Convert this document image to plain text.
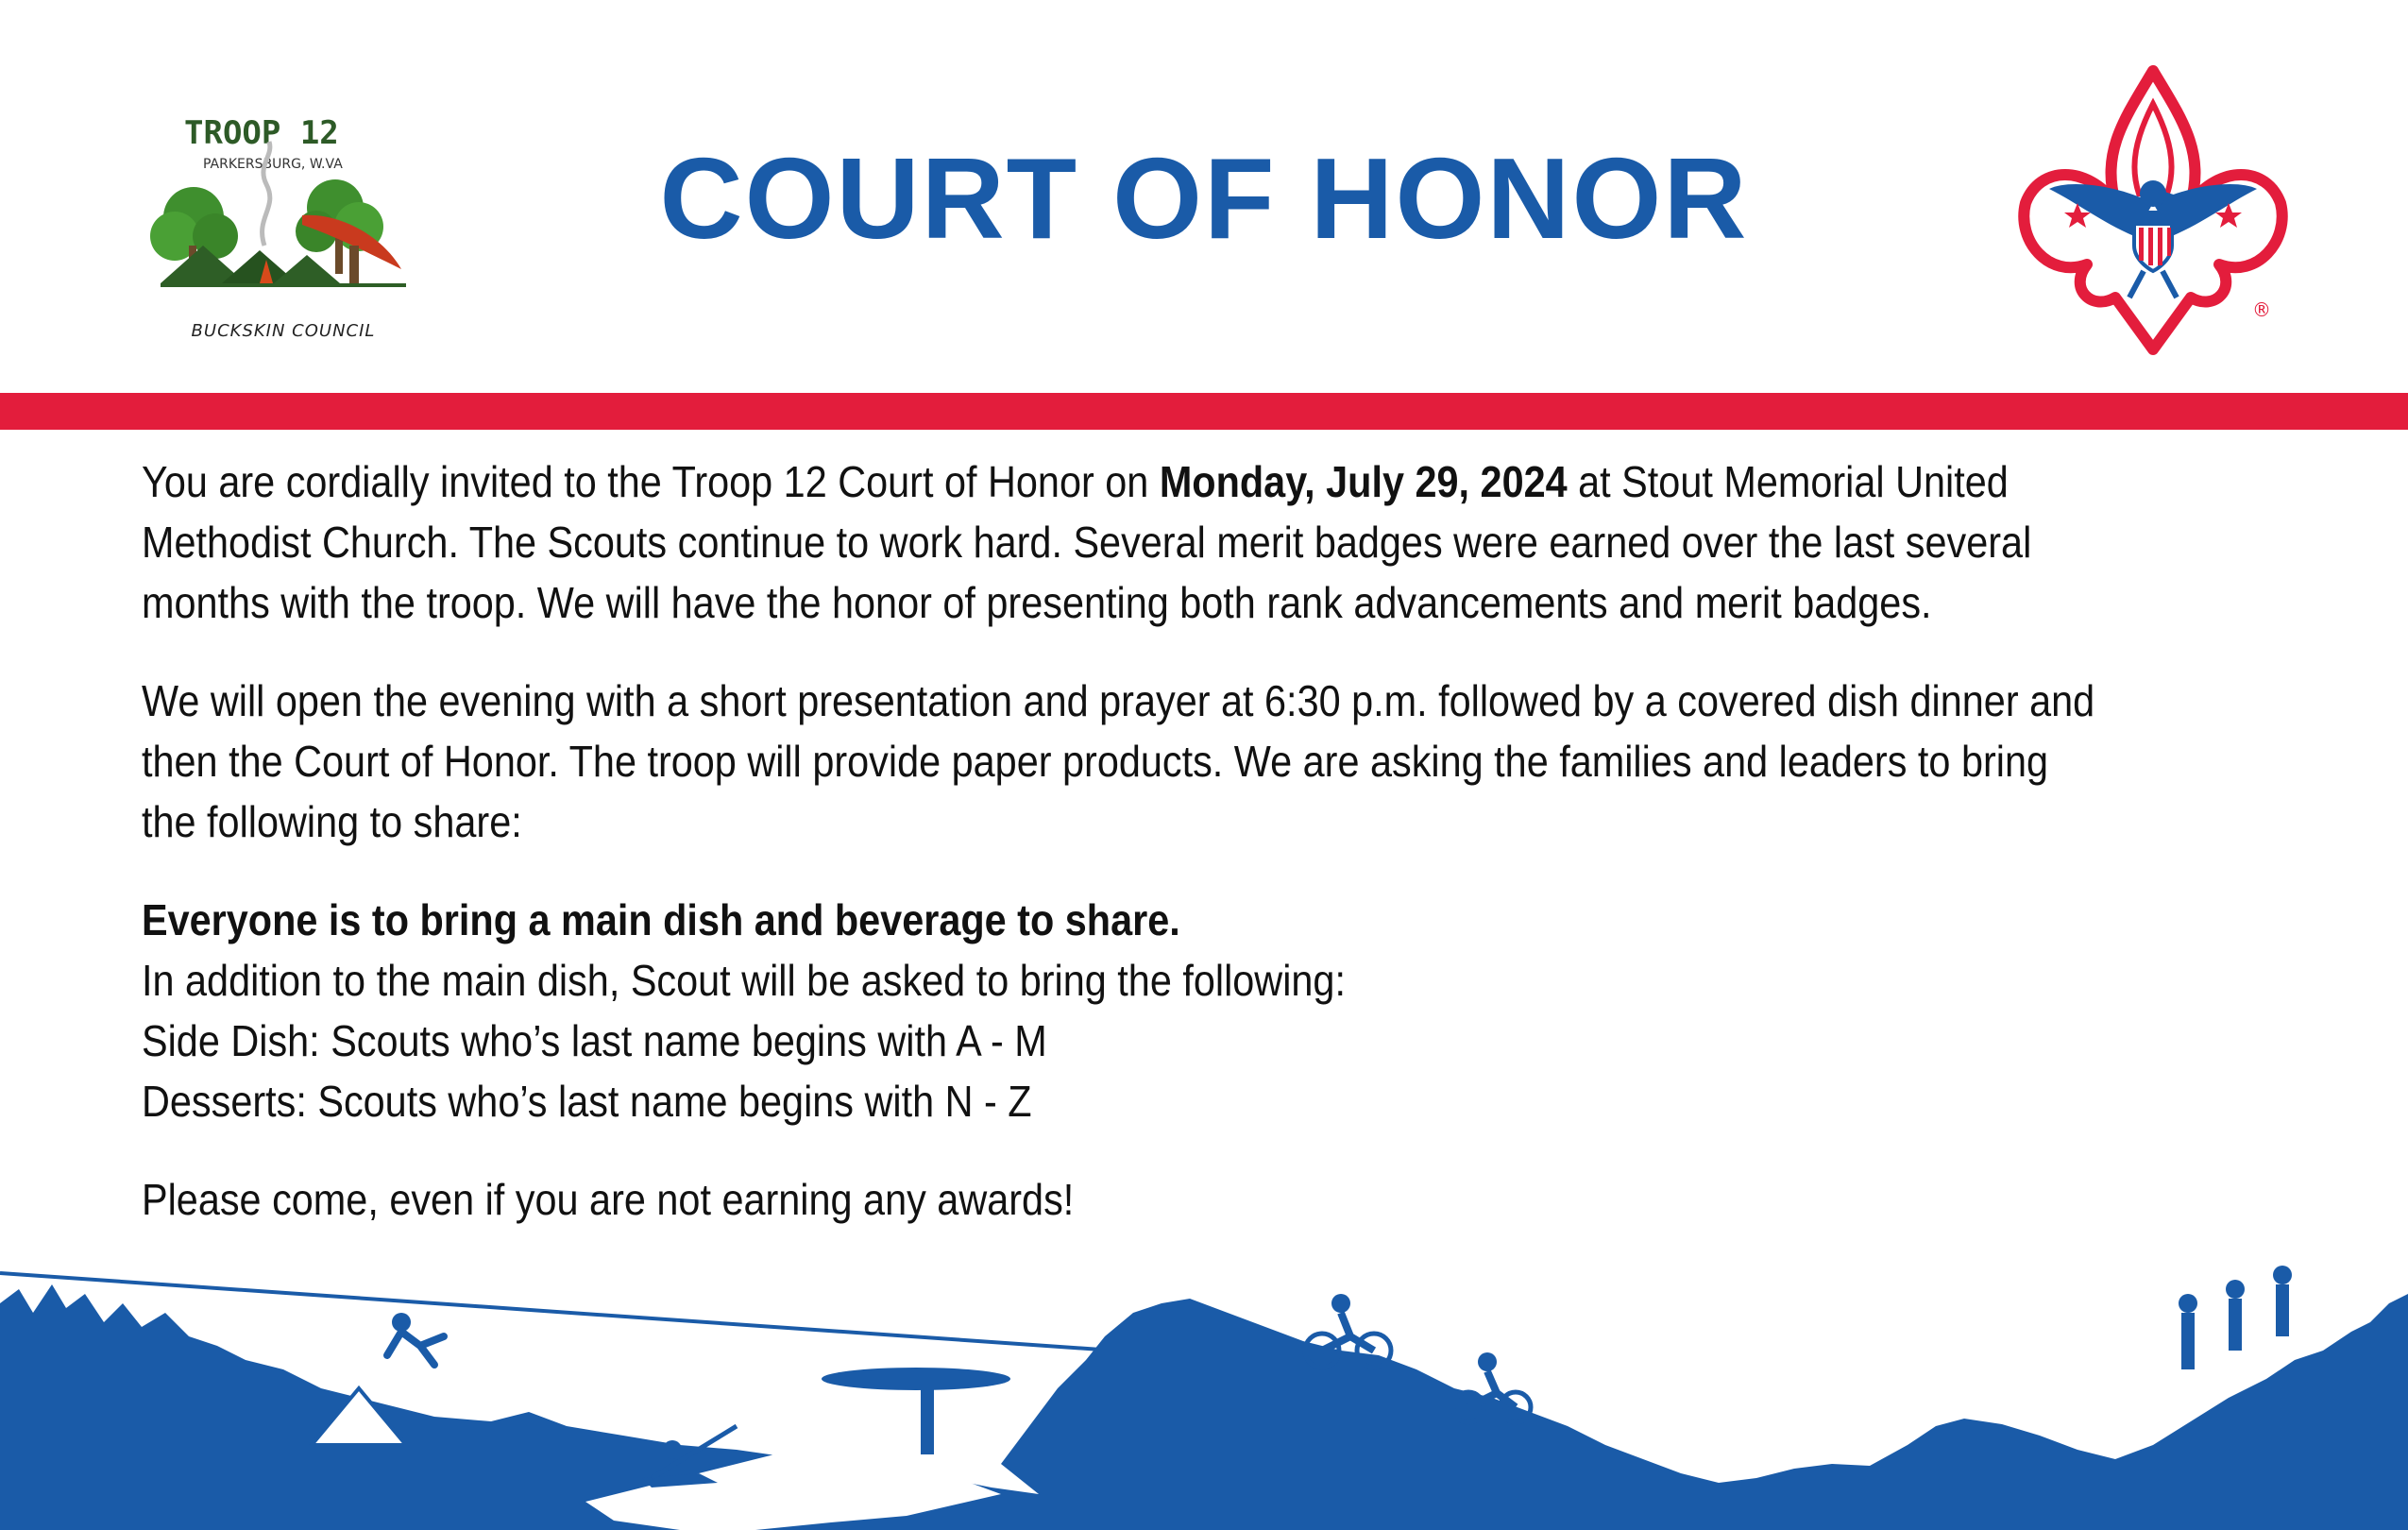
TROOP 12
PARKERSBURG, W.VA
BUCKSKIN COUNCIL
COURT OF HONOR
®

You are cordially invited to the Troop 12 Court of Honor on Monday, July 29, 2024 at Stout Memorial United Methodist Church. The Scouts continue to work hard. Several merit badges were earned over the last several months with the troop. We will have the honor of presenting both rank advancements and merit badges.

We will open the evening with a short presentation and prayer at 6:30 p.m. followed by a covered dish dinner and then the Court of Honor. The troop will provide paper products. We are asking the families and leaders to bring the following to share:

Everyone is to bring a main dish and beverage to share.
In addition to the main dish, Scout will be asked to bring the following:
Side Dish: Scouts who’s last name begins with A - M
Desserts: Scouts who’s last name begins with N - Z

Please come, even if you are not earning any awards!
